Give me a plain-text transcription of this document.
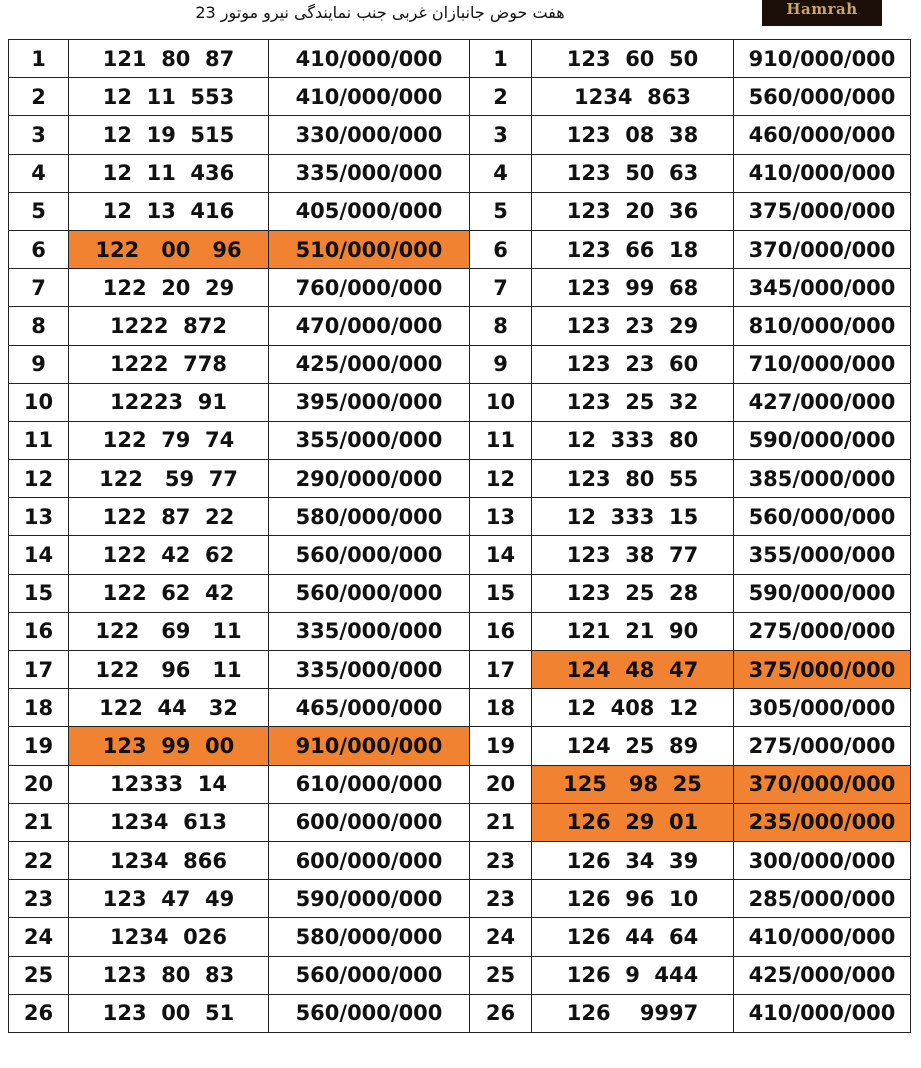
هفت حوض جانبازان غربی جنب نمایندگی نیرو موتور 23	Hamrah
1	121  80  87	410/000/000	1	123  60  50	910/000/000
2	12  11  553	410/000/000	2	1234  863	560/000/000
3	12  19  515	330/000/000	3	123  08  38	460/000/000
4	12  11  436	335/000/000	4	123  50  63	410/000/000
5	12  13  416	405/000/000	5	123  20  36	375/000/000
6	122   00   96	510/000/000	6	123  66  18	370/000/000
7	122  20  29	760/000/000	7	123  99  68	345/000/000
8	1222  872	470/000/000	8	123  23  29	810/000/000
9	1222  778	425/000/000	9	123  23  60	710/000/000
10	12223  91	395/000/000	10	123  25  32	427/000/000
11	122  79  74	355/000/000	11	12  333  80	590/000/000
12	122   59  77	290/000/000	12	123  80  55	385/000/000
13	122  87  22	580/000/000	13	12  333  15	560/000/000
14	122  42  62	560/000/000	14	123  38  77	355/000/000
15	122  62  42	560/000/000	15	123  25  28	590/000/000
16	122   69   11	335/000/000	16	121  21  90	275/000/000
17	122   96   11	335/000/000	17	124  48  47	375/000/000
18	122  44   32	465/000/000	18	12  408  12	305/000/000
19	123  99  00	910/000/000	19	124  25  89	275/000/000
20	12333  14	610/000/000	20	125   98  25	370/000/000
21	1234  613	600/000/000	21	126  29  01	235/000/000
22	1234  866	600/000/000	23	126  34  39	300/000/000
23	123  47  49	590/000/000	23	126  96  10	285/000/000
24	1234  026	580/000/000	24	126  44  64	410/000/000
25	123  80  83	560/000/000	25	126  9  444	425/000/000
26	123  00  51	560/000/000	26	126    9997	410/000/000
